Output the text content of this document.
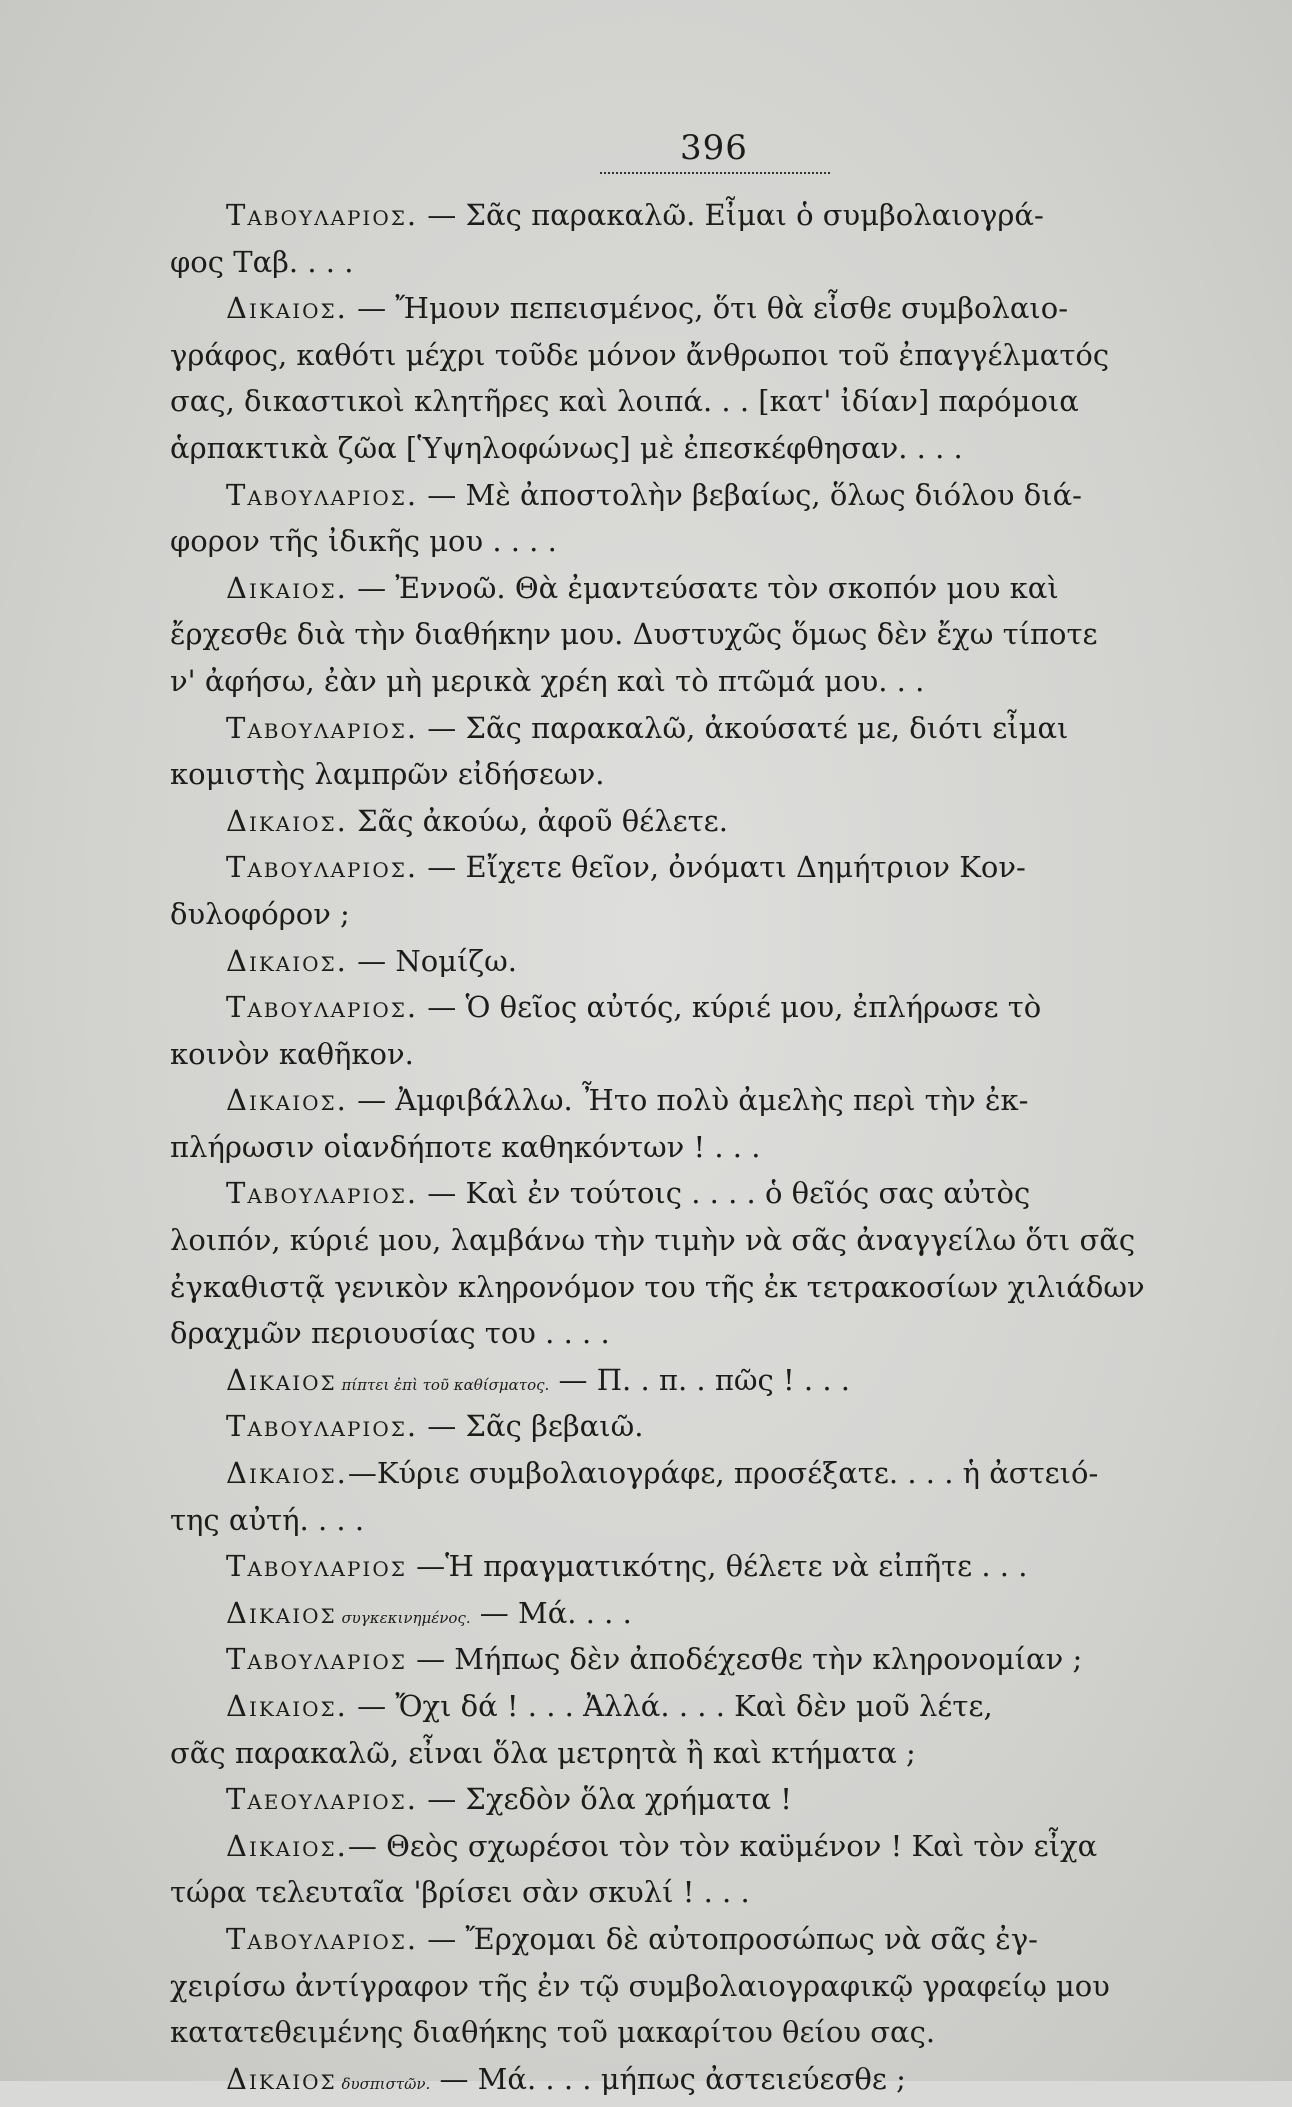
396
Ταβουλαριοσ. — Σᾶς παρακαλῶ. Εἶμαι ὁ συμβολαιογρά-
φος Ταβ. . . .
Δικαιοσ. — Ἤμουν πεπεισμένος, ὅτι θὰ εἶσθε συμβολαιο-
γράφος, καθότι μέχρι τοῦδε μόνον ἄνθρωποι τοῦ ἐπαγγέλματός
σας, δικαστικοὶ κλητῆρες καὶ λοιπά. . . [κατ' ἰδίαν] παρόμοια
ἁρπακτικὰ ζῶα [Ὑψηλοφώνως] μὲ ἐπεσκέφθησαν. . . .
Ταβουλαριοσ. — Μὲ ἀποστολὴν βεβαίως, ὅλως διόλου διά-
φορον τῆς ἰδικῆς μου . . . .
Δικαιοσ. — Ἐννοῶ. Θὰ ἐμαντεύσατε τὸν σκοπόν μου καὶ
ἔρχεσθε διὰ τὴν διαθήκην μου. Δυστυχῶς ὅμως δὲν ἔχω τίποτε
ν' ἀφήσω, ἐὰν μὴ μερικὰ χρέη καὶ τὸ πτῶμά μου. . .
Ταβουλαριοσ. — Σᾶς παρακαλῶ, ἀκούσατέ με, διότι εἶμαι
κομιστὴς λαμπρῶν εἰδήσεων.
Δικαιοσ. Σᾶς ἀκούω, ἀφοῦ θέλετε.
Ταβουλαριοσ. — Εἴχετε θεῖον, ὀνόματι Δημήτριον Κον-
δυλοφόρον ;
Δικαιοσ. — Νομίζω.
Ταβουλαριοσ. — Ὁ θεῖος αὐτός, κύριέ μου, ἐπλήρωσε τὸ
κοινὸν καθῆκον.
Δικαιοσ. — Ἀμφιβάλλω. Ἦτο πολὺ ἀμελὴς περὶ τὴν ἐκ-
πλήρωσιν οἱανδήποτε καθηκόντων ! . . .
Ταβουλαριοσ. — Καὶ ἐν τούτοις . . . . ὁ θεῖός σας αὐτὸς
λοιπόν, κύριέ μου, λαμβάνω τὴν τιμὴν νὰ σᾶς ἀναγγείλω ὅτι σᾶς
ἐγκαθιστᾷ γενικὸν κληρονόμον του τῆς ἐκ τετρακοσίων χιλιάδων
δραχμῶν περιουσίας του . . . .
Δικαιοσ πίπτει ἐπὶ τοῦ καθίσματος. — Π. . π. . πῶς ! . . .
Ταβουλαριοσ. — Σᾶς βεβαιῶ.
Δικαιοσ.—Κύριε συμβολαιογράφε, προσέξατε. . . . ἡ ἀστειό-
της αὐτή. . . .
Ταβουλαριοσ —Ἡ πραγματικότης, θέλετε νὰ εἰπῆτε . . .
Δικαιοσ συγκεκινημένος. — Μά. . . .
Ταβουλαριοσ — Μήπως δὲν ἀποδέχεσθε τὴν κληρονομίαν ;
Δικαιοσ. — Ὄχι δά ! . . . Ἀλλά. . . . Καὶ δὲν μοῦ λέτε,
σᾶς παρακαλῶ, εἶναι ὅλα μετρητὰ ἢ καὶ κτήματα ;
Ταεουλαριοσ. — Σχεδὸν ὅλα χρήματα !
Δικαιοσ.— Θεὸς σχωρέσοι τὸν τὸν καϋμένον ! Καὶ τὸν εἶχα
τώρα τελευταῖα 'βρίσει σὰν σκυλί ! . . .
Ταβουλαριοσ. — Ἔρχομαι δὲ αὐτοπροσώπως νὰ σᾶς ἐγ-
χειρίσω ἀντίγραφον τῆς ἐν τῷ συμβολαιογραφικῷ γραφείῳ μου
κατατεθειμένης διαθήκης τοῦ μακαρίτου θείου σας.
Δικαιοσ δυσπιστῶν. — Μά. . . . μήπως ἀστειεύεσθε ;
